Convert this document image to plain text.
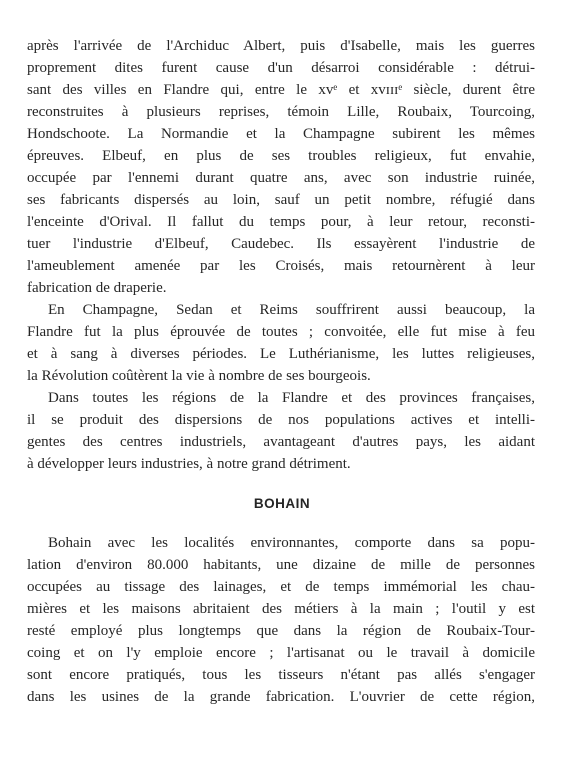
après l'arrivée de l'Archiduc Albert, puis d'Isabelle, mais les guerres
proprement dites furent cause d'un désarroi considérable : détrui-
sant des villes en Flandre qui, entre le xvᵉ et xvɪɪɪᵉ siècle, durent être
reconstruites à plusieurs reprises, témoin Lille, Roubaix, Tourcoing,
Hondschoote. La Normandie et la Champagne subirent les mêmes
épreuves. Elbeuf, en plus de ses troubles religieux, fut envahie,
occupée par l'ennemi durant quatre ans, avec son industrie ruinée,
ses fabricants dispersés au loin, sauf un petit nombre, réfugié dans
l'enceinte d'Orival. Il fallut du temps pour, à leur retour, reconsti-
tuer l'industrie d'Elbeuf, Caudebec. Ils essayèrent l'industrie de
l'ameublement amenée par les Croisés, mais retournèrent à leur
fabrication de draperie.
En Champagne, Sedan et Reims souffrirent aussi beaucoup, la
Flandre fut la plus éprouvée de toutes ; convoitée, elle fut mise à feu
et à sang à diverses périodes. Le Luthérianisme, les luttes religieuses,
la Révolution coûtèrent la vie à nombre de ses bourgeois.
Dans toutes les régions de la Flandre et des provinces françaises,
il se produit des dispersions de nos populations actives et intelli-
gentes des centres industriels, avantageant d'autres pays, les aidant
à développer leurs industries, à notre grand détriment.
BOHAIN
Bohain avec les localités environnantes, comporte dans sa popu-
lation d'environ 80.000 habitants, une dizaine de mille de personnes
occupées au tissage des lainages, et de temps immémorial les chau-
mières et les maisons abritaient des métiers à la main ; l'outil y est
resté employé plus longtemps que dans la région de Roubaix-Tour-
coing et on l'y emploie encore ; l'artisanat ou le travail à domicile
sont encore pratiqués, tous les tisseurs n'étant pas allés s'engager
dans les usines de la grande fabrication. L'ouvrier de cette région,
